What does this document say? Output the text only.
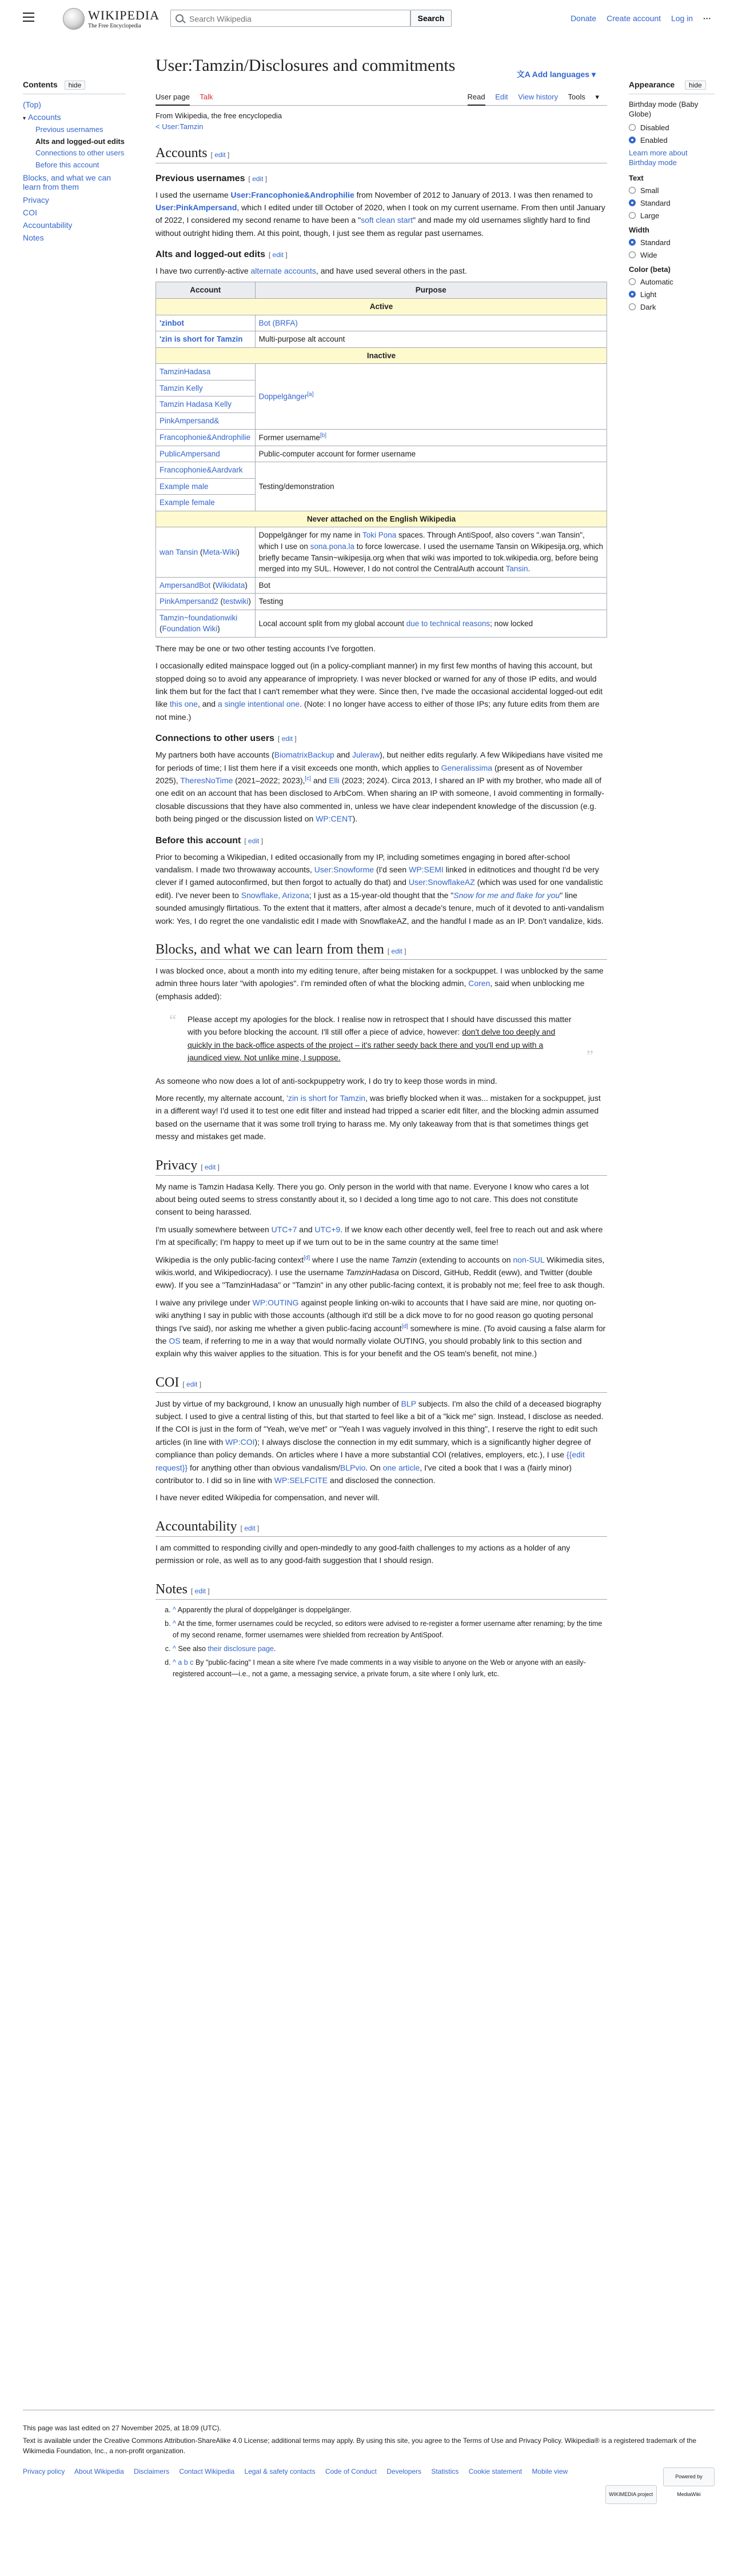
WIKIPEDIA
The Free Encyclopedia
Search Wikipedia
Search	Donate Create account Log in ···
Contents hide
(Top)
▾ Accounts
Previous usernames
Alts and logged-out edits
Connections to other users
Before this account
Blocks, and what we can learn from them
Privacy
COI
Accountability
Notes
User:Tamzin/Disclosures and commitments	文A Add languages ▾
User page Talk	Read Edit View history Tools ▾
From Wikipedia, the free encyclopedia
< User:Tamzin
Accounts [ edit ]
Previous usernames [ edit ]

I used the username User:Francophonie&Androphilie from November of 2012 to January of 2013. I was then renamed to User:PinkAmpersand, which I edited under till October of 2020, when I took on my current username. From then until January of 2022, I considered my second rename to have been a "soft clean start" and made my old usernames slightly hard to find without outright hiding them. At this point, though, I just see them as regular past usernames.

Alts and logged-out edits [ edit ]

I have two currently-active alternate accounts, and have used several others in the past.

Account	Purpose
Active	
'zinbot	Bot (BRFA)
'zin is short for Tamzin	Multi-purpose alt account
Inactive	
TamzinHadasa	Doppelgänger[a]
Tamzin Kelly	
Tamzin Hadasa Kelly	
PinkAmpersand&	
Francophonie&Androphilie	Former username[b]
PublicAmpersand	Public-computer account for former username
Francophonie&Aardvark	Testing/demonstration
Example male	
Example female	
Never attached on the English Wikipedia	
wan Tansin (Meta-Wiki)	Doppelgänger for my name in Toki Pona spaces. Through AntiSpoof, also covers ".wan Tansin", which I use on sona.pona.la to force lowercase. I used the username Tansin on Wikipesija.org, which briefly became Tansin~wikipesija.org when that wiki was imported to tok.wikipedia.org, before being merged into my SUL. However, I do not control the CentralAuth account Tansin.
AmpersandBot (Wikidata)	Bot
PinkAmpersand2 (testwiki)	Testing
Tamzin~foundationwiki (Foundation Wiki)	Local account split from my global account due to technical reasons; now locked

There may be one or two other testing accounts I've forgotten.

I occasionally edited mainspace logged out (in a policy-compliant manner) in my first few months of having this account, but stopped doing so to avoid any appearance of impropriety. I was never blocked or warned for any of those IP edits, and would link them but for the fact that I can't remember what they were. Since then, I've made the occasional accidental logged-out edit like this one, and a single intentional one. (Note: I no longer have access to either of those IPs; any future edits from them are not mine.)

Connections to other users [ edit ]

My partners both have accounts (BiomatrixBackup and Juleraw), but neither edits regularly. A few Wikipedians have visited me for periods of time; I list them here if a visit exceeds one month, which applies to Generalissima (present as of November 2025), TheresNoTime (2021–2022; 2023),[c] and Elli (2023; 2024). Circa 2013, I shared an IP with my brother, who made all of one edit on an account that has been disclosed to ArbCom. When sharing an IP with someone, I avoid commenting in formally-closable discussions that they have also commented in, unless we have clear independent knowledge of the discussion (e.g. both being pinged or the discussion listed on WP:CENT).

Before this account [ edit ]

Prior to becoming a Wikipedian, I edited occasionally from my IP, including sometimes engaging in bored after-school vandalism. I made two throwaway accounts, User:Snowforme (I'd seen WP:SEMI linked in editnotices and thought I'd be very clever if I gamed autoconfirmed, but then forgot to actually do that) and User:SnowflakeAZ (which was used for one vandalistic edit). I've never been to Snowflake, Arizona; I just as a 15-year-old thought that the "Snow for me and flake for you" line sounded amusingly flirtatious. To the extent that it matters, after almost a decade's tenure, much of it devoted to anti-vandalism work: Yes, I do regret the one vandalistic edit I made with SnowflakeAZ, and the handful I made as an IP. Don't vandalize, kids.

Blocks, and what we can learn from them [ edit ]

I was blocked once, about a month into my editing tenure, after being mistaken for a sockpuppet. I was unblocked by the same admin three hours later "with apologies". I'm reminded often of what the blocking admin, Coren, said when unblocking me (emphasis added):

“ Please accept my apologies for the block. I realise now in retrospect that I should have discussed this matter with you before blocking the account. I'll still offer a piece of advice, however: don't delve too deeply and quickly in the back-office aspects of the project – it's rather seedy back there and you'll end up with a jaundiced view. Not unlike mine, I suppose.	”

As someone who now does a lot of anti-sockpuppetry work, I do try to keep those words in mind.

More recently, my alternate account, 'zin is short for Tamzin, was briefly blocked when it was... mistaken for a sockpuppet, just in a different way! I'd used it to test one edit filter and instead had tripped a scarier edit filter, and the blocking admin assumed based on the username that it was some troll trying to harass me. My only takeaway from that is that sometimes things get messy and mistakes get made.

Privacy [ edit ]

My name is Tamzin Hadasa Kelly. There you go. Only person in the world with that name. Everyone I know who cares a lot about being outed seems to stress constantly about it, so I decided a long time ago to not care. This does not constitute consent to being harassed.

I'm usually somewhere between UTC+7 and UTC+9. If we know each other decently well, feel free to reach out and ask where I'm at specifically; I'm happy to meet up if we turn out to be in the same country at the same time!

Wikipedia is the only public-facing context[d] where I use the name Tamzin (extending to accounts on non-SUL Wikimedia sites, wikis.world, and Wikipediocracy). I use the username TamzinHadasa on Discord, GitHub, Reddit (eww), and Twitter (double eww). If you see a "TamzinHadasa" or "Tamzin" in any other public-facing context, it is probably not me; feel free to ask though.

I waive any privilege under WP:OUTING against people linking on-wiki to accounts that I have said are mine, nor quoting on-wiki anything I say in public with those accounts (although it'd still be a dick move to for no good reason go quoting personal things I've said), nor asking me whether a given public-facing account[d] somewhere is mine. (To avoid causing a false alarm for the OS team, if referring to me in a way that would normally violate OUTING, you should probably link to this section and explain why this waiver applies to the situation. This is for your benefit and the OS team's benefit, not mine.)

COI [ edit ]

Just by virtue of my background, I know an unusually high number of BLP subjects. I'm also the child of a deceased biography subject. I used to give a central listing of this, but that started to feel like a bit of a "kick me" sign. Instead, I disclose as needed. If the COI is just in the form of "Yeah, we've met" or "Yeah I was vaguely involved in this thing", I reserve the right to edit such articles (in line with WP:COI); I always disclose the connection in my edit summary, which is a significantly higher degree of compliance than policy demands. On articles where I have a more substantial COI (relatives, employers, etc.), I use {{edit request}} for anything other than obvious vandalism/BLPvio. On one article, I've cited a book that I was a (fairly minor) contributor to. I did so in line with WP:SELFCITE and disclosed the connection.

I have never edited Wikipedia for compensation, and never will.

Accountability [ edit ]

I am committed to responding civilly and open-mindedly to any good-faith challenges to my actions as a holder of any permission or role, as well as to any good-faith suggestion that I should resign.

Notes [ edit ]
a. ^ Apparently the plural of doppelgänger is doppelgänger.
b. ^ At the time, former usernames could be recycled, so editors were advised to re-register a former username after renaming; by the time of my second rename, former usernames were shielded from recreation by AntiSpoof.
c. ^ See also their disclosure page.
d. ^ a b c By "public-facing" I mean a site where I've made comments in a way visible to anyone on the Web or anyone with an easily-registered account—i.e., not a game, a messaging service, a private forum, a site where I only lurk, etc.
Appearance hide
Birthday mode (Baby Globe)
Disabled
Enabled
Learn more about Birthday mode
Text
Small
Standard
Large
Width
Standard
Wide
Color (beta)
Automatic
Light
Dark

This page was last edited on 27 November 2025, at 18:09 (UTC).

Text is available under the Creative Commons Attribution-ShareAlike 4.0 License; additional terms may apply. By using this site, you agree to the Terms of Use and Privacy Policy. Wikipedia® is a registered trademark of the Wikimedia Foundation, Inc., a non-profit organization.

Privacy policy About Wikipedia Disclaimers Contact Wikipedia Legal & safety contacts Code of Conduct Developers Statistics Cookie statement Mobile view
WIKIMEDIA project Powered by MediaWiki
